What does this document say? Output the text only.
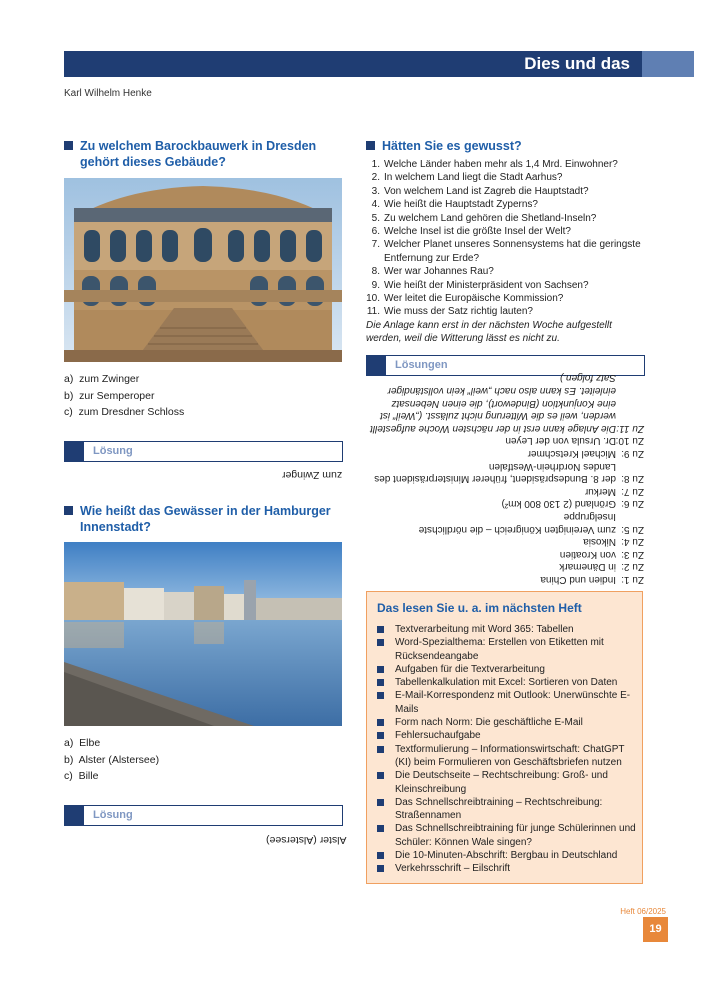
Dies und das
Karl Wilhelm Henke
Zu welchem Barockbauwerk in Dresden gehört dieses Gebäude?
a)  zum Zwinger
b)  zur Semperoper
c)  zum Dresdner Schloss
Lösung
zum Zwinger
Wie heißt das Gewässer in der Hamburger Innenstadt?
a)  Elbe
b)  Alster (Alstersee)
c)  Bille
Lösung
Alster (Alstersee)
Hätten Sie es gewusst?
1. Welche Länder haben mehr als 1,4 Mrd. Einwohner?
2. In welchem Land liegt die Stadt Aarhus?
3. Von welchem Land ist Zagreb die Hauptstadt?
4. Wie heißt die Hauptstadt Zyperns?
5. Zu welchem Land gehören die Shetland-Inseln?
6. Welche Insel ist die größte Insel der Welt?
7. Welcher Planet unseres Sonnensystems hat die geringste Entfernung zur Erde?
8. Wer war Johannes Rau?
9. Wie heißt der Ministerpräsident von Sachsen?
10. Wer leitet die Europäische Kommission?
11. Wie muss der Satz richtig lauten?
Die Anlage kann erst in der nächsten Woche aufgestellt werden, weil die Witterung lässt es nicht zu.
Lösungen
Zu 1:
Indien und China
Zu 2:
in Dänemark
Zu 3:
von Kroatien
Zu 4:
Nikosia
Zu 5:
zum Vereinigten Königreich – die nördlichste Inselgruppe
Zu 6:
Grönland (2 130 800 km²)
Zu 7:
Merkur
Zu 8:
der 8. Bundespräsident, früherer Ministerpräsident des Landes Nordrhein-Westfalen
Zu 9:
Michael Kretschmer
Zu 10:
Dr. Ursula von der Leyen
Zu 11:
Die Anlage kann erst in der nächsten Woche aufgestellt werden, weil es die Witterung nicht zulässt. („Weil“ ist eine Konjunktion (Bindewort), die einen Nebensatz einleitet. Es kann also nach „weil“ kein vollständiger Satz folgen.)
Das lesen Sie u. a. im nächsten Heft
Textverarbeitung mit Word 365: Tabellen
Word-Spezialthema: Erstellen von Etiketten mit Rücksendeangabe
Aufgaben für die Textverarbeitung
Tabellenkalkulation mit Excel: Sortieren von Daten
E-Mail-Korrespondenz mit Outlook: Unerwünschte E-Mails
Form nach Norm: Die geschäftliche E-Mail
Fehlersuchaufgabe
Textformulierung – Informationswirtschaft: ChatGPT (KI) beim Formulieren von Geschäftsbriefen nutzen
Die Deutschseite – Rechtschreibung: Groß- und Kleinschreibung
Das Schnellschreibtraining – Rechtschreibung: Straßennamen
Das Schnellschreibtraining für junge Schülerinnen und Schüler: Können Wale singen?
Die 10-Minuten-Abschrift: Bergbau in Deutschland
Verkehrsschrift – Eilschrift
Heft 06/2025
19
